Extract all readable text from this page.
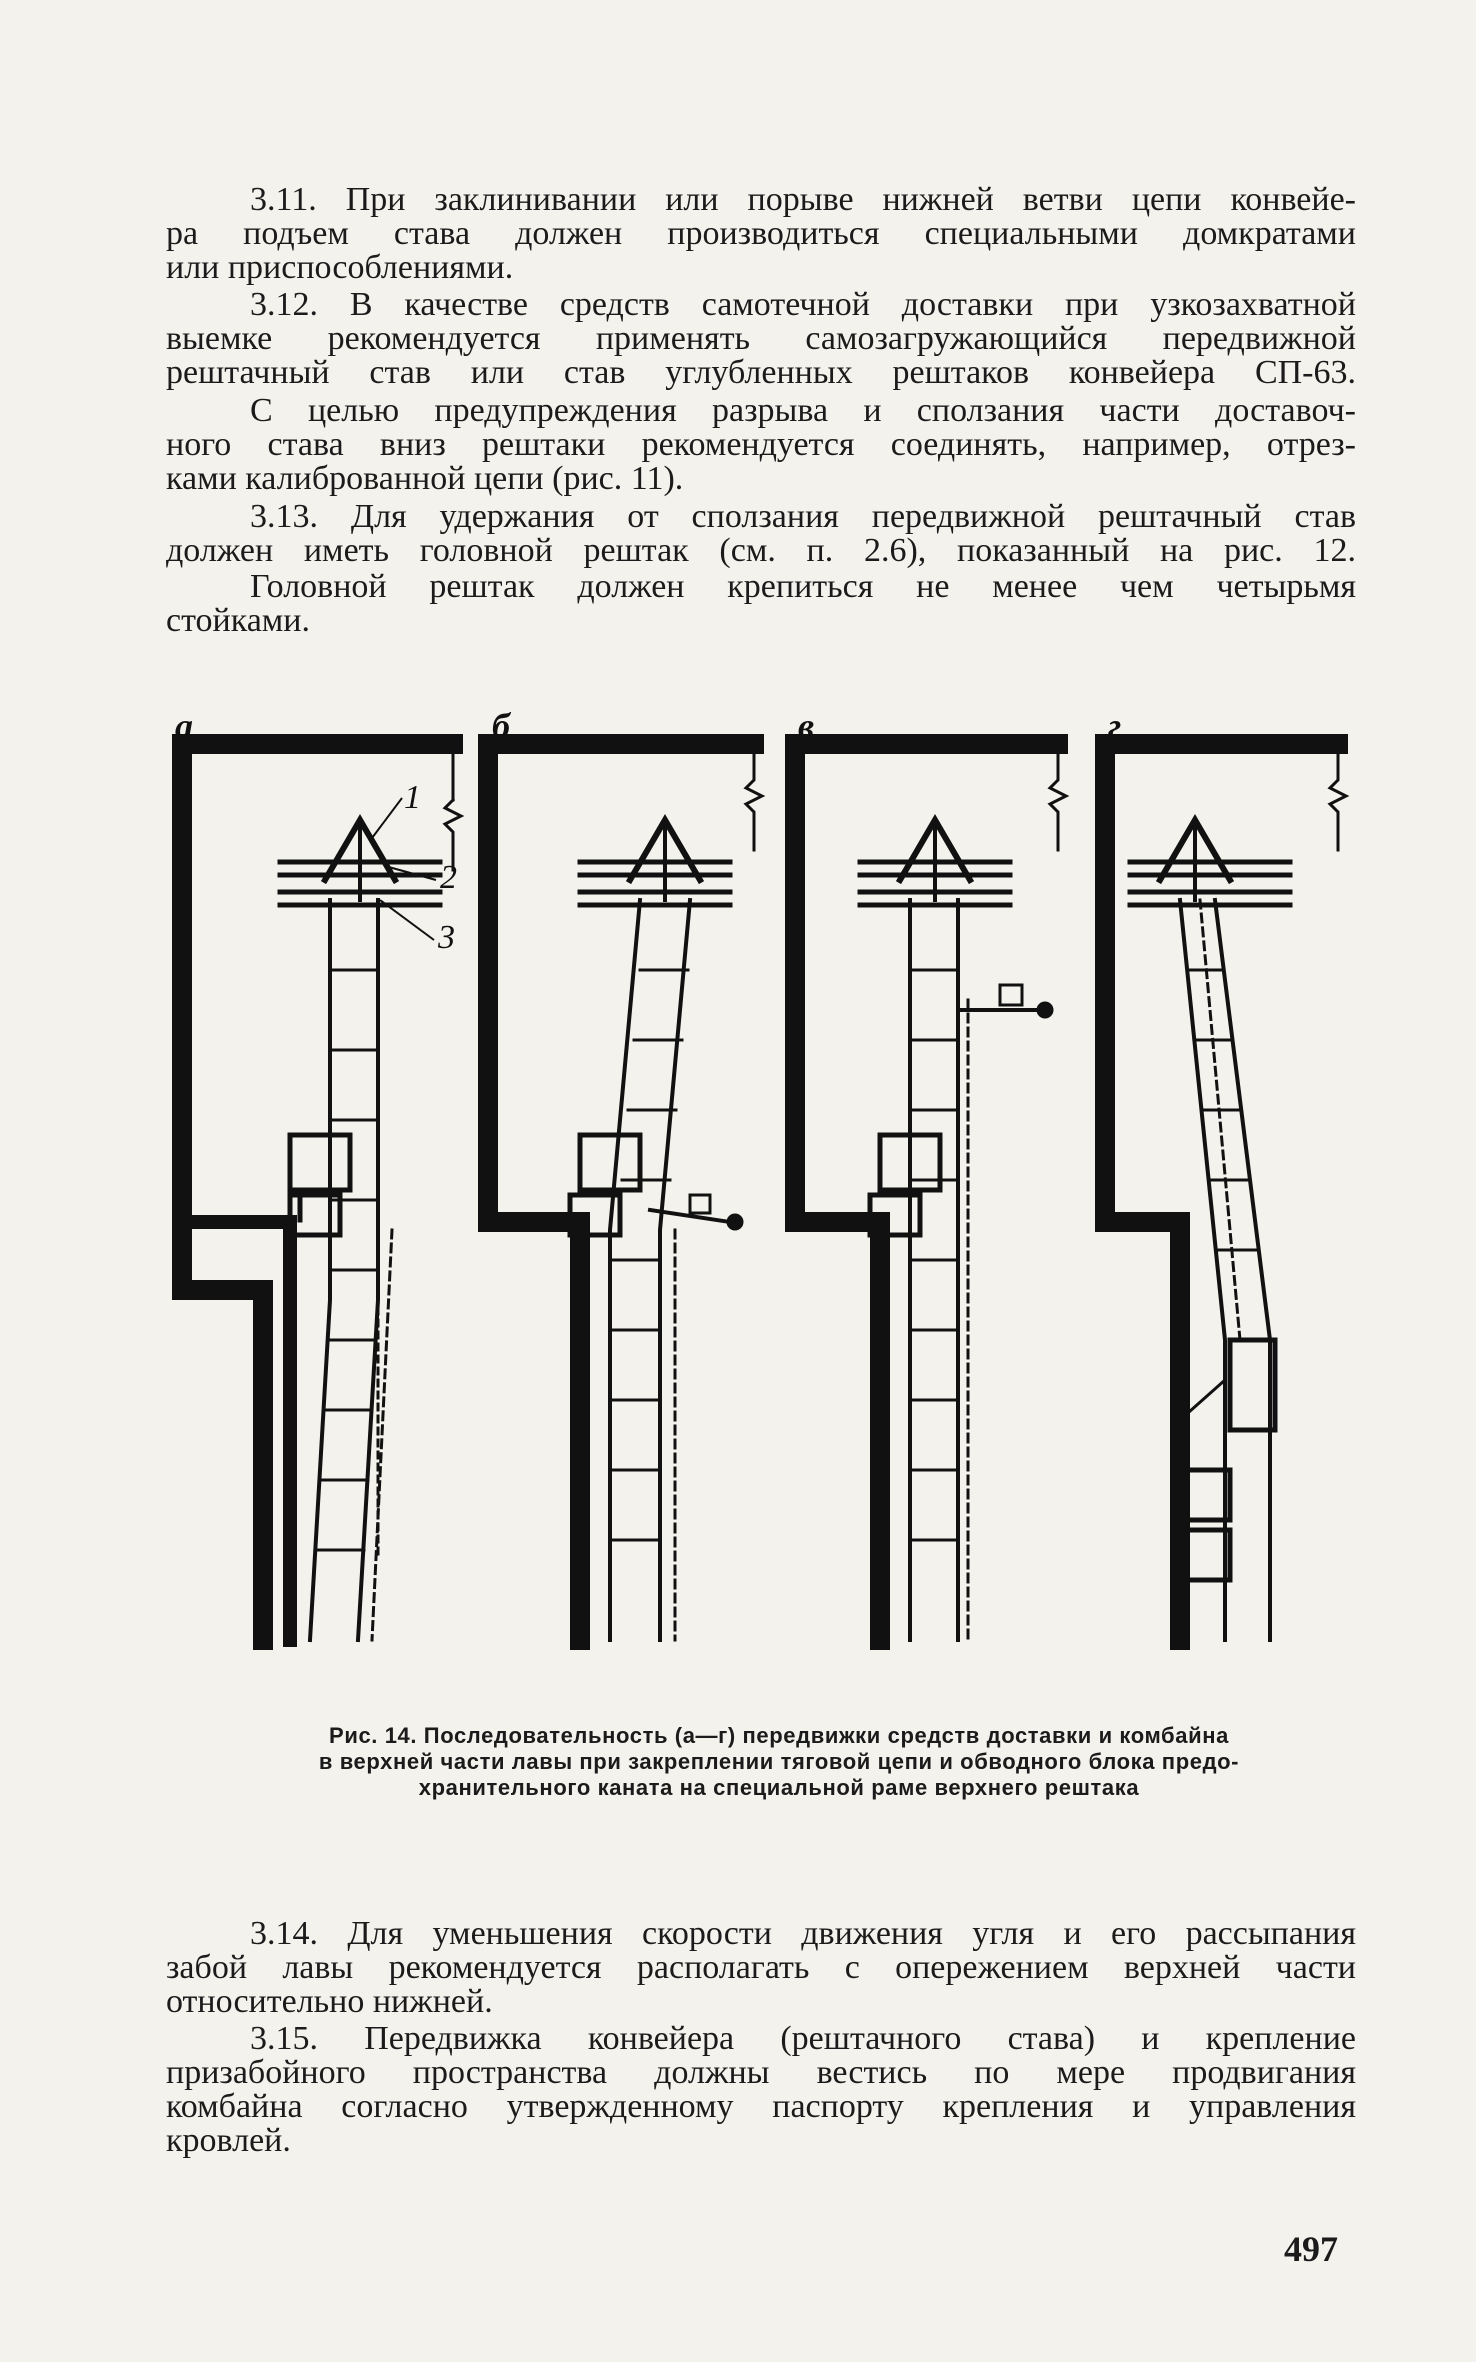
3.11. При заклинивании или порыве нижней ветви цепи конвейе-
ра подъем става должен производиться специальными домкратами
или приспособлениями.
3.12. В качестве средств самотечной доставки при узкозахватной
выемке рекомендуется применять самозагружающийся передвижной
рештачный став или став углубленных рештаков конвейера СП-63.
С целью предупреждения разрыва и сползания части доставоч-
ного става вниз рештаки рекомендуется соединять, например, отрез-
ками калиброванной цепи (рис. 11).
3.13. Для удержания от сползания передвижной рештачный став
должен иметь головной рештак (см. п. 2.6), показанный на рис. 12.
Головной рештак должен крепиться не менее чем четырьмя
стойками.
а	б	в	г
1
2
3
Рис. 14. Последовательность (а—г) передвижки средств доставки и комбайна
в верхней части лавы при закреплении тяговой цепи и обводного блока предо-
хранительного каната на специальной раме верхнего рештака
3.14. Для уменьшения скорости движения угля и его рассыпания
забой лавы рекомендуется располагать с опережением верхней части
относительно нижней.
3.15. Передвижка конвейера (рештачного става) и крепление
призабойного пространства должны вестись по мере продвигания
комбайна согласно утвержденному паспорту крепления и управления
кровлей.
497
